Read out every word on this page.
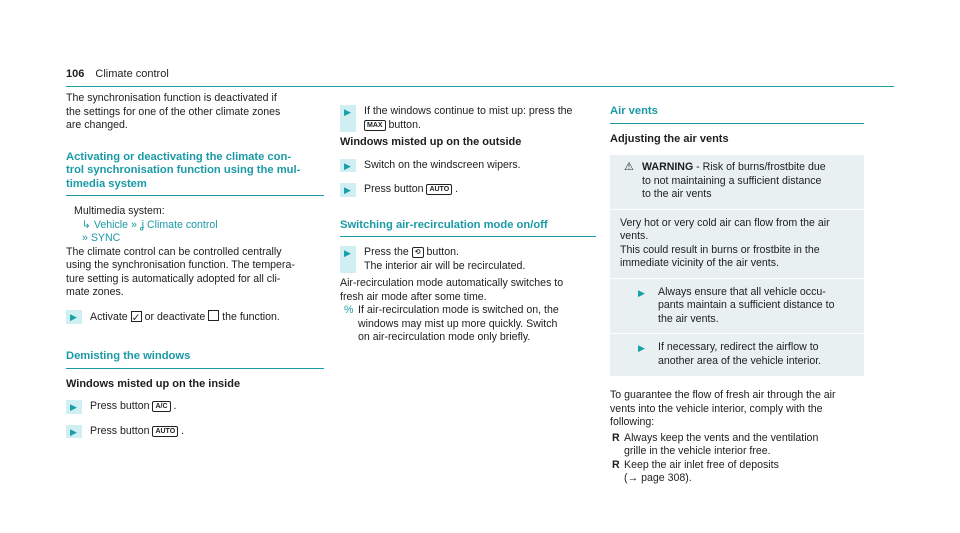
106 Climate control

The synchronisation function is deactivated if
the settings for one of the other climate zones
are changed.

Activating or deactivating the climate con-
trol synchronisation function using the mul-
timedia system

Multimedia system:
↳ Vehicle » ʝ Climate control
» SYNC

The climate control can be controlled centrally
using the synchronisation function. The tempera-
ture setting is automatically adopted for all cli-
mate zones.

▶ Activate ✓ or deactivate the function.
Demisting the windows

Windows misted up on the inside

▶ Press button A/C .
▶ Press button AUTO .
▶ If the windows continue to mist up: press the
MAX button.

Windows misted up on the outside

▶ Switch on the windscreen wipers.
▶ Press button AUTO .
Switching air-recirculation mode on/off
▶ Press the ⟲ button.
The interior air will be recirculated.

Air-recirculation mode automatically switches to
fresh air mode after some time.

% If air-recirculation mode is switched on, the
windows may mist up more quickly. Switch
on air-recirculation mode only briefly.
Air vents

Adjusting the air vents

⚠ WARNING - Risk of burns/frostbite due
to not maintaining a sufficient distance
to the air vents

Very hot or very cold air can flow from the air
vents.
This could result in burns or frostbite in the
immediate vicinity of the air vents.

▶ Always ensure that all vehicle occu-
pants maintain a sufficient distance to
the air vents.
▶ If necessary, redirect the airflow to
another area of the vehicle interior.

To guarantee the flow of fresh air through the air
vents into the vehicle interior, comply with the
following:

R Always keep the vents and the ventilation
grille in the vehicle interior free.
R Keep the air inlet free of deposits
(→ page 308).
